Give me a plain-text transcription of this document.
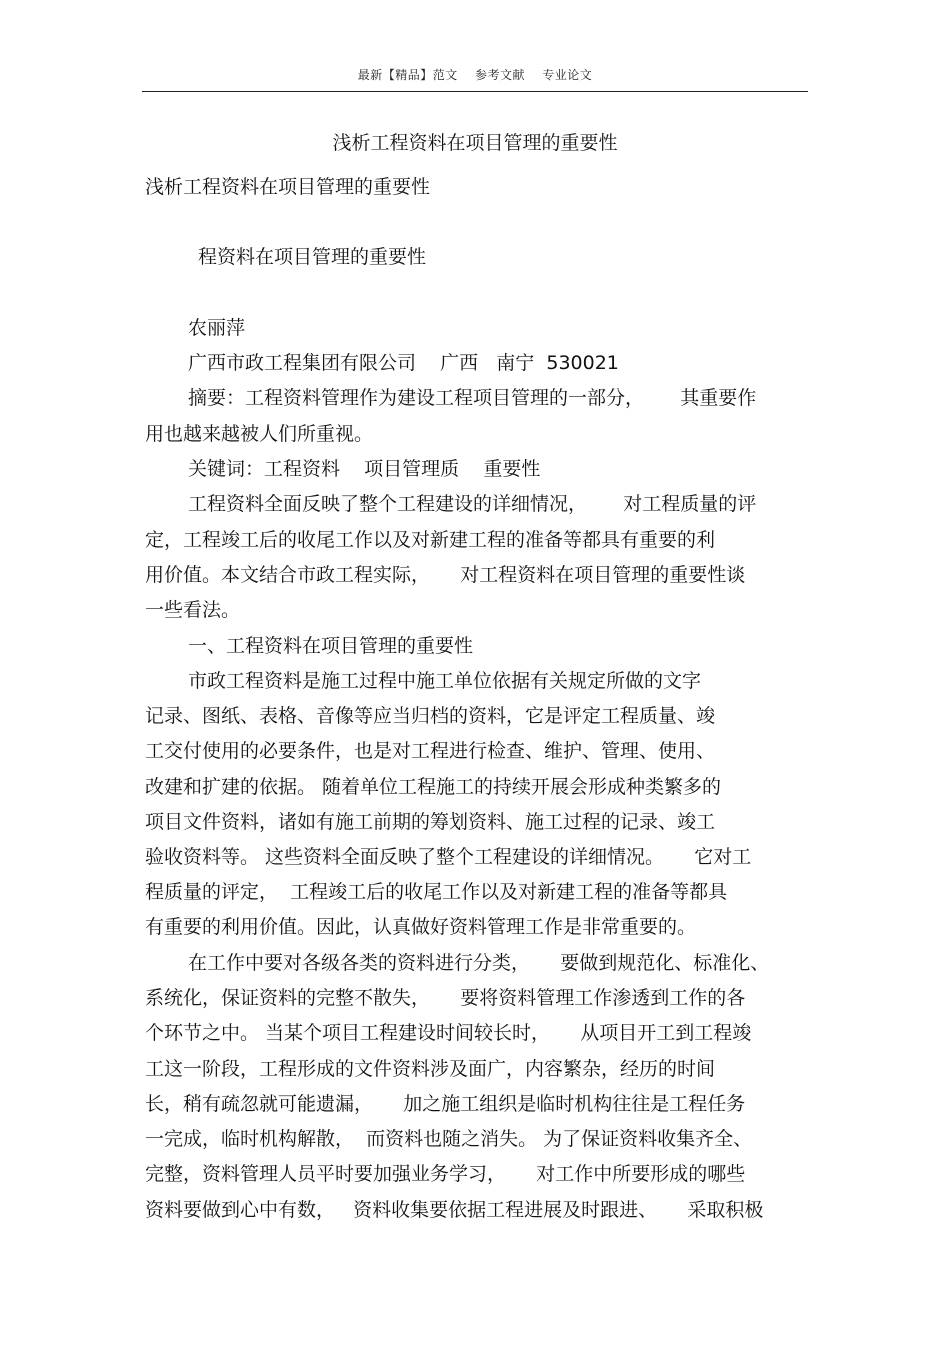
最新【精品】范文    参考文献    专业论文
浅析工程资料在项目管理的重要性
浅析工程资料在项目管理的重要性
程资料在项目管理的重要性
农丽萍
广西市政工程集团有限公司    广西   南宁  530021
摘要：工程资料管理作为建设工程项目管理的一部分，      其重要作
用也越来越被人们所重视。
关键词：工程资料    项目管理质    重要性
工程资料全面反映了整个工程建设的详细情况，      对工程质量的评
定，工程竣工后的收尾工作以及对新建工程的准备等都具有重要的利
用价值。本文结合市政工程实际，     对工程资料在项目管理的重要性谈
一些看法。
一、工程资料在项目管理的重要性
市政工程资料是施工过程中施工单位依据有关规定所做的文字
记录、图纸、表格、音像等应当归档的资料，它是评定工程质量、竣
工交付使用的必要条件，也是对工程进行检查、维护、管理、使用、
改建和扩建的依据。 随着单位工程施工的持续开展会形成种类繁多的
项目文件资料，诸如有施工前期的筹划资料、施工过程的记录、竣工
验收资料等。 这些资料全面反映了整个工程建设的详细情况。     它对工
程质量的评定，  工程竣工后的收尾工作以及对新建工程的准备等都具
有重要的利用价值。因此，认真做好资料管理工作是非常重要的。
在工作中要对各级各类的资料进行分类，     要做到规范化、标准化、
系统化，保证资料的完整不散失，     要将资料管理工作渗透到工作的各
个环节之中。 当某个项目工程建设时间较长时，     从项目开工到工程竣
工这一阶段，工程形成的文件资料涉及面广，内容繁杂，经历的时间
长，稍有疏忽就可能遗漏，     加之施工组织是临时机构往往是工程任务
一完成，临时机构解散，  而资料也随之消失。 为了保证资料收集齐全、
完整，资料管理人员平时要加强业务学习，     对工作中所要形成的哪些
资料要做到心中有数，   资料收集要依据工程进展及时跟进、     采取积极
